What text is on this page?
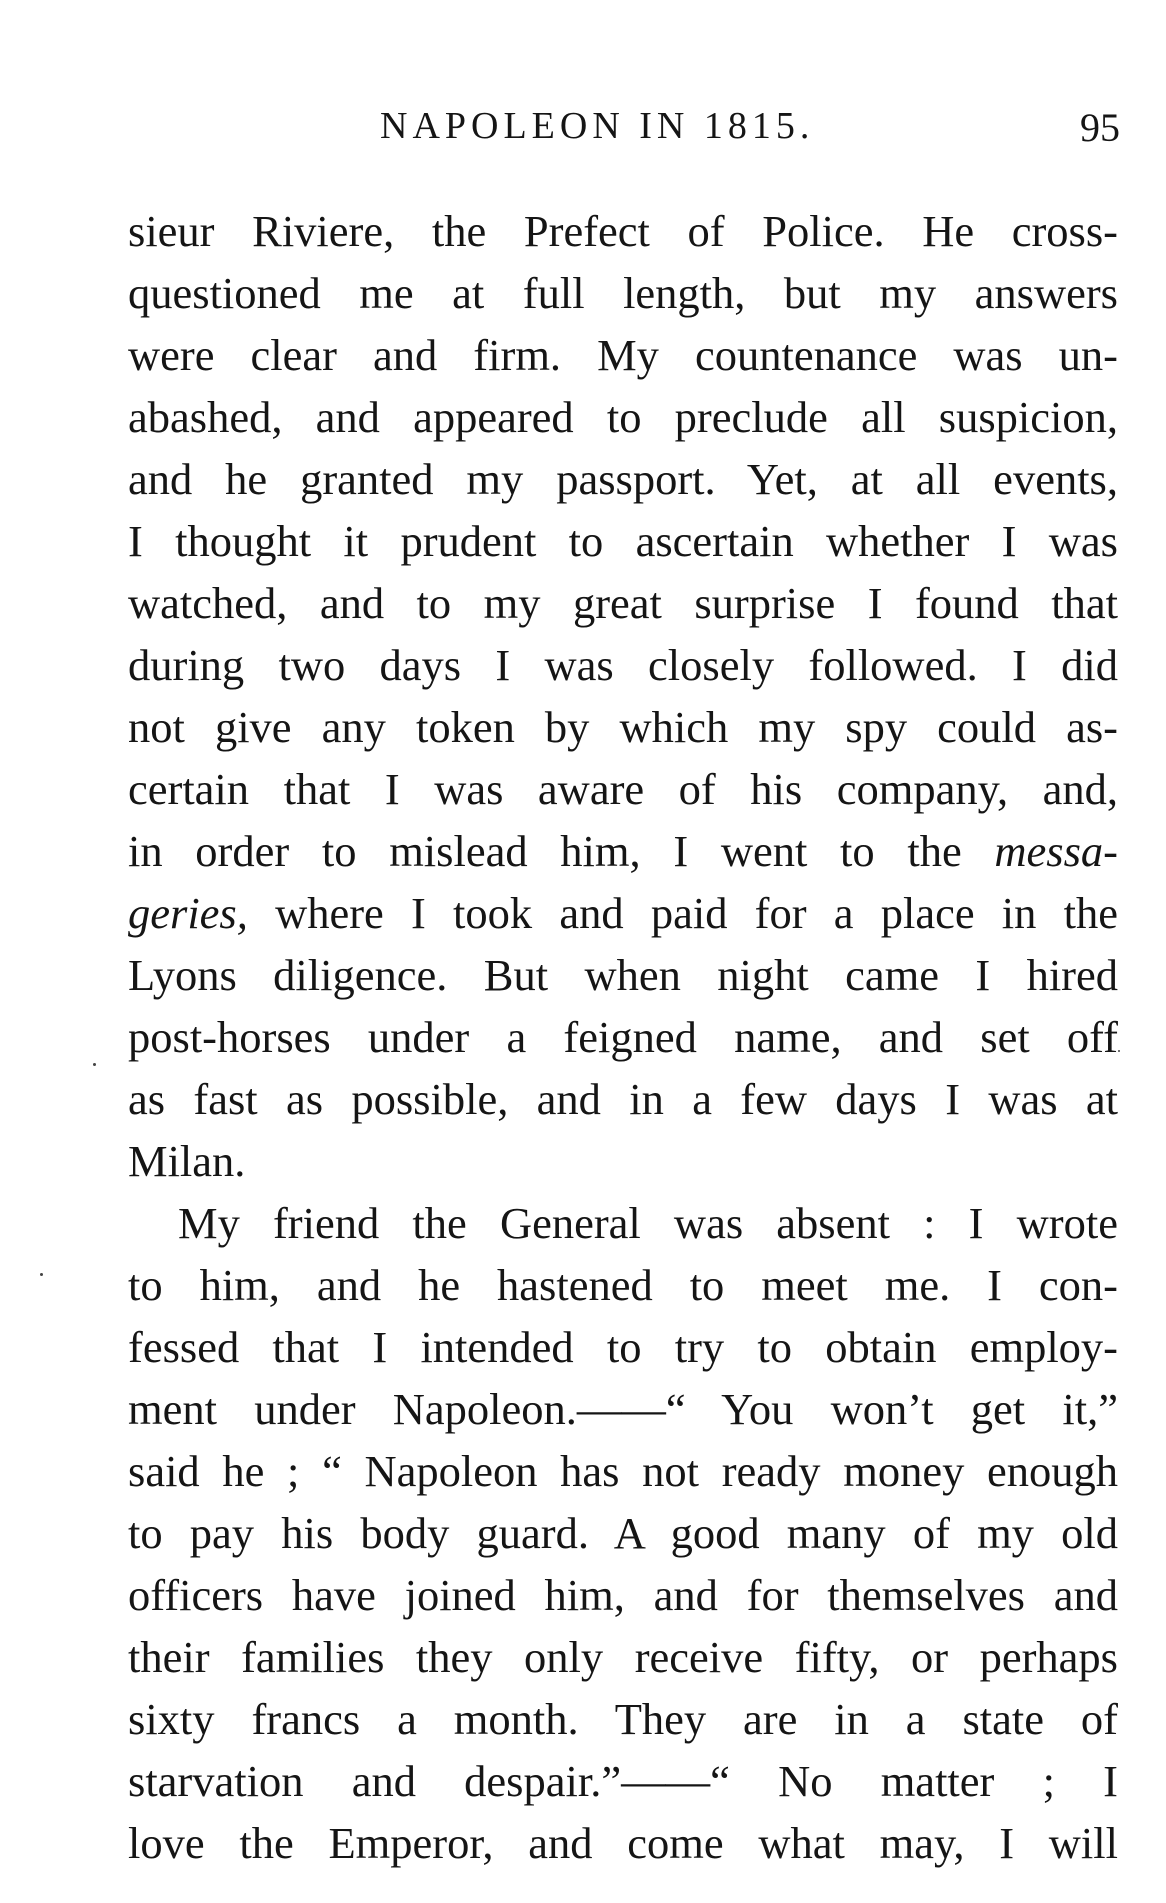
NAPOLEON IN 1815.	95
sieur Riviere, the Prefect of Police. He cross-
questioned me at full length, but my answers
were clear and firm. My countenance was un-
abashed, and appeared to preclude all suspicion,
and he granted my passport. Yet, at all events,
I thought it prudent to ascertain whether I was
watched, and to my great surprise I found that
during two days I was closely followed. I did
not give any token by which my spy could as-
certain that I was aware of his company, and,
in order to mislead him, I went to the messa-
geries, where I took and paid for a place in the
Lyons diligence. But when night came I hired
post-horses under a feigned name, and set off
as fast as possible, and in a few days I was at
Milan.
My friend the General was absent : I wrote
to him, and he hastened to meet me. I con-
fessed that I intended to try to obtain employ-
ment under Napoleon.——“ You won’t get it,”
said he ; “ Napoleon has not ready money enough
to pay his body guard. A good many of my old
officers have joined him, and for themselves and
their families they only receive fifty, or perhaps
sixty francs a month. They are in a state of
starvation and despair.”——“ No matter ; I
love the Emperor, and come what may, I will
